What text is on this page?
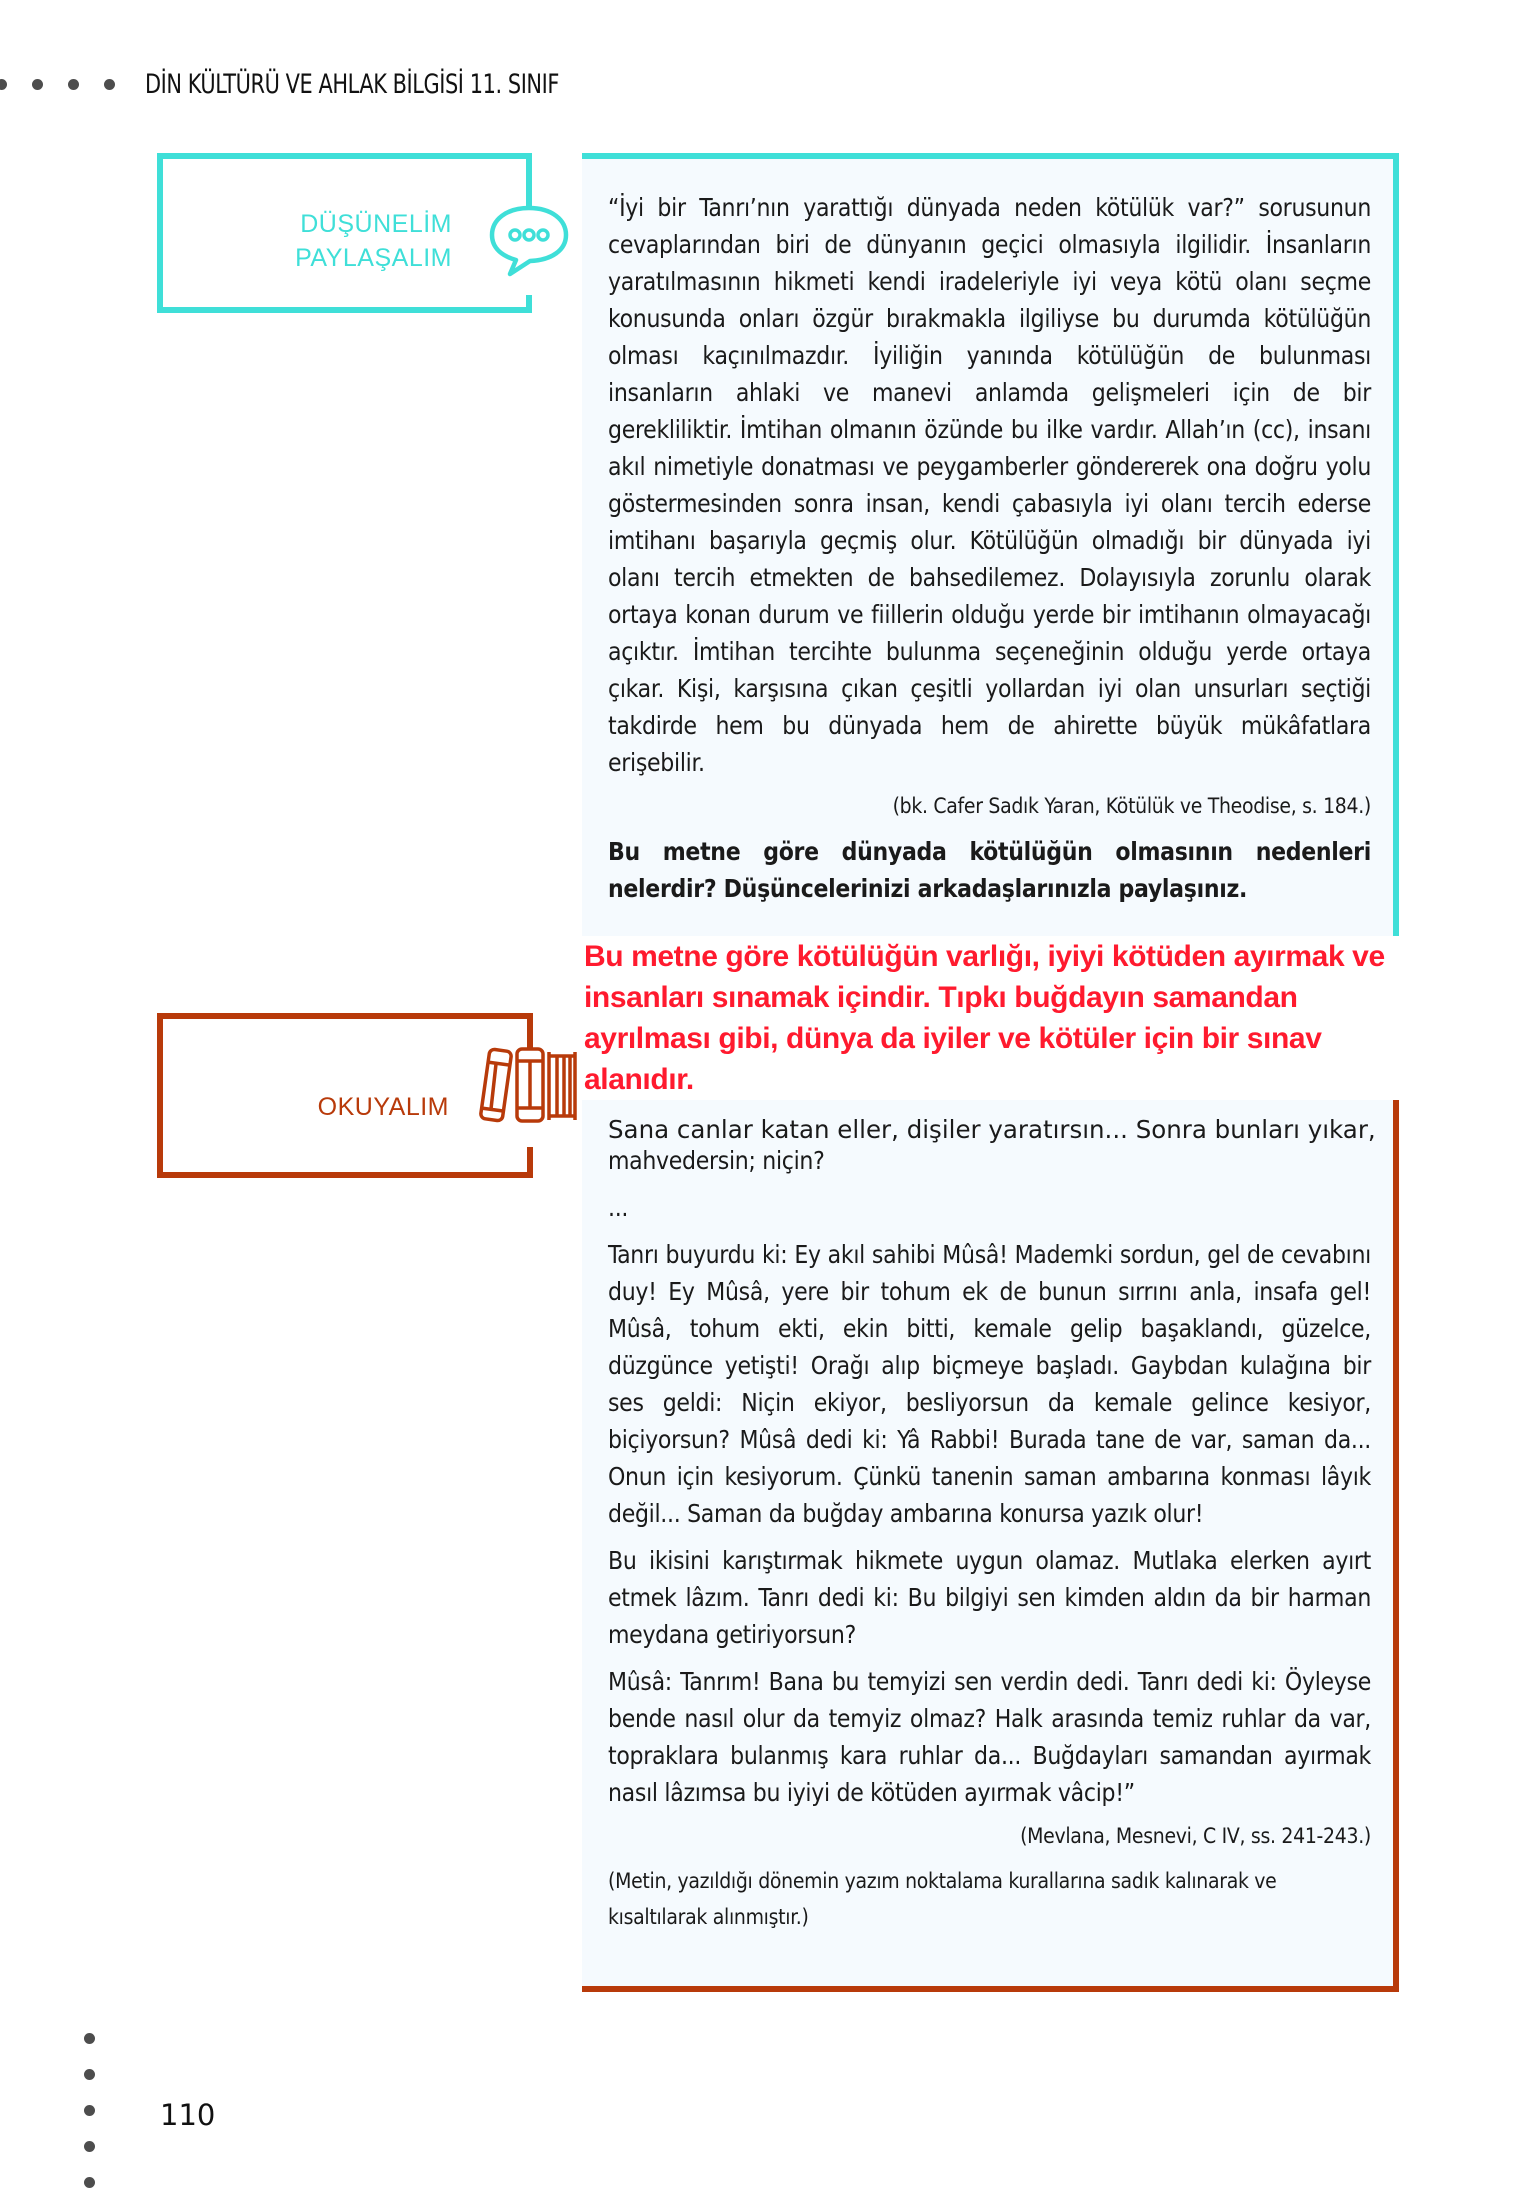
DİN KÜLTÜRÜ VE AHLAK BİLGİSİ 11. SINIF
DÜŞÜNELİM
PAYLAŞALIM

“İyi bir Tanrı’nın yarattığı dünyada neden kötülük var?” sorusunun cevaplarından biri de dünyanın geçici olmasıyla ilgilidir. İnsanların yaratılmasının hikmeti kendi iradeleriyle iyi veya kötü olanı seçme konusunda onları özgür bırakmakla ilgiliyse bu durumda kötülüğün olması kaçınılmazdır. İyiliğin yanında kötülüğün de bulunması insanların ahlaki ve manevi anlamda gelişmeleri için de bir gerekliliktir. İmtihan olmanın özünde bu ilke vardır. Allah’ın (cc), insanı akıl nimetiyle donatması ve peygamberler göndererek ona doğru yolu göstermesinden sonra insan, kendi çabasıyla iyi olanı tercih ederse imtihanı başarıyla geçmiş olur. Kötülüğün olmadığı bir dünyada iyi olanı tercih etmekten de bahsedilemez. Dolayısıyla zorunlu olarak ortaya konan durum ve fiillerin olduğu yerde bir imtihanın olmayacağı açıktır. İmtihan tercihte bulunma seçeneğinin olduğu yerde ortaya çıkar. Kişi, karşısına çıkan çeşitli yollardan iyi olan unsurları seçtiği takdirde hem bu dünyada hem de ahirette büyük mükâfatlara erişebilir.

(bk. Cafer Sadık Yaran, Kötülük ve Theodise, s. 184.)

Bu metne göre dünyada kötülüğün olmasının nedenleri nelerdir? Düşüncelerinizi arkadaşlarınızla paylaşınız.

OKUYALIM
Sana canlar katan eller, dişiler yaratırsın... Sonra bunları yıkar,

mahvedersin; niçin?

...

Tanrı buyurdu ki: Ey akıl sahibi Mûsâ! Mademki sordun, gel de cevabını duy! Ey Mûsâ, yere bir tohum ek de bunun sırrını anla, insafa gel! Mûsâ, tohum ekti, ekin bitti, kemale gelip başaklandı, güzelce, düzgünce yetişti! Orağı alıp biçmeye başladı. Gaybdan kulağına bir ses geldi: Niçin ekiyor, besliyorsun da kemale gelince kesiyor, biçiyorsun? Mûsâ dedi ki: Yâ Rabbi! Burada tane de var, saman da... Onun için kesiyorum. Çünkü tanenin saman ambarına konması lâyık değil... Saman da buğday ambarına konursa yazık olur!

Bu ikisini karıştırmak hikmete uygun olamaz. Mutlaka elerken ayırt etmek lâzım. Tanrı dedi ki: Bu bilgiyi sen kimden aldın da bir harman meydana getiriyorsun?

Mûsâ: Tanrım! Bana bu temyizi sen verdin dedi. Tanrı dedi ki: Öyleyse bende nasıl olur da temyiz olmaz? Halk arasında temiz ruhlar da var, topraklara bulanmış kara ruhlar da... Buğdayları samandan ayırmak nasıl lâzımsa bu iyiyi de kötüden ayırmak vâcip!”

(Mevlana, Mesnevi, C IV, ss. 241-243.)

(Metin, yazıldığı dönemin yazım noktalama kurallarına sadık kalınarak ve kısaltılarak alınmıştır.)

Bu metne göre kötülüğün varlığı, iyiyi kötüden ayırmak ve insanları sınamak içindir. Tıpkı buğdayın samandan ayrılması gibi, dünya da iyiler ve kötüler için bir sınav alanıdır.
110
